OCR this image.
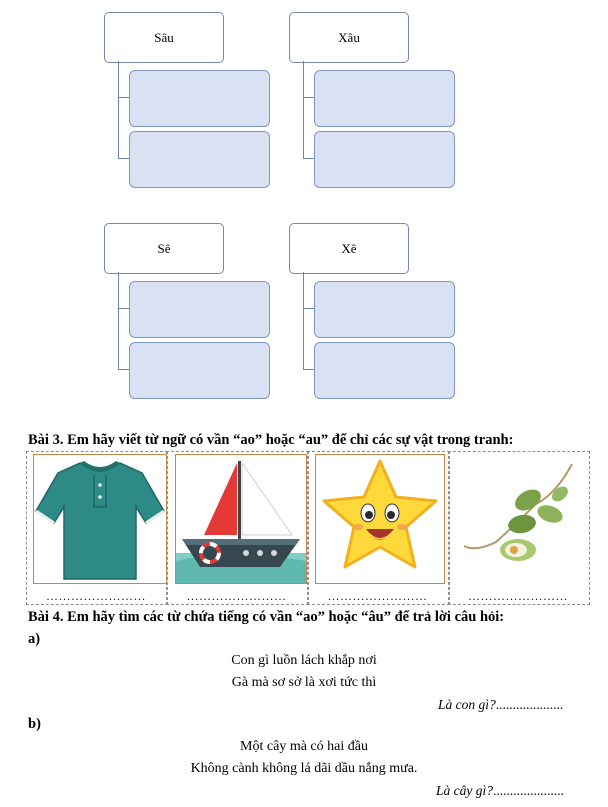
Sâu	Xâu
Sê	Xê
Bài 3. Em hãy viết từ ngữ có vần “ao” hoặc “au” để chỉ các sự vật trong tranh:
……………………	……………………	……………………	……………………
Bài 4. Em hãy tìm các từ chứa tiếng có vần “ao” hoặc “âu” để trả lời câu hỏi:
a)
Con gì luồn lách khắp nơi
Gà mà sơ sở là xơi tức thì
Là con gì?....................
b)
Một cây mà có hai đầu
Không cành không lá dãi dầu nắng mưa.
Là cây gì?.....................
